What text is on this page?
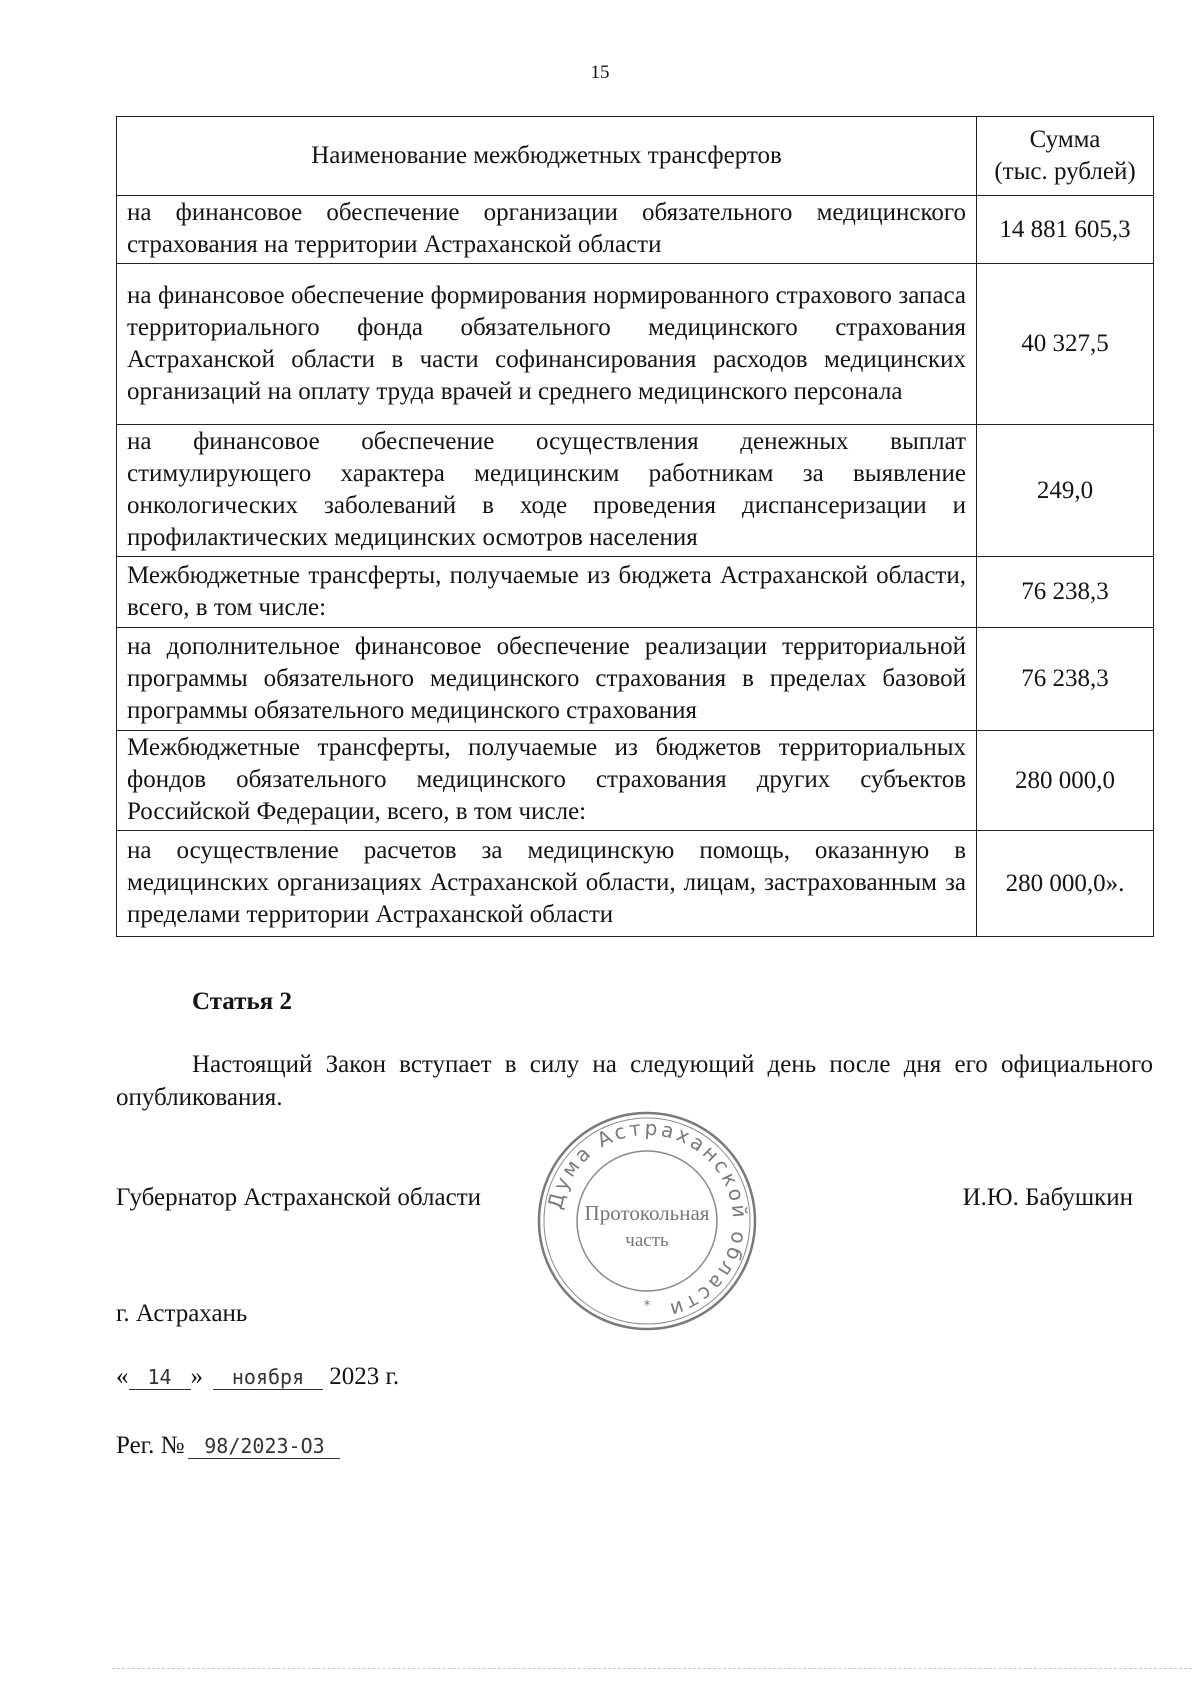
15
Наименование межбюджетных трансфертов	Сумма
(тыс. рублей)
на финансовое обеспечение организации обязательного медицинского страхования на территории Астраханской области	14 881 605,3
на финансовое обеспечение формирования нормированного страхового запаса территориального фонда обязательного медицинского страхования Астраханской области в части софинансирования расходов медицинских организаций на оплату труда врачей и среднего медицинского персонала	40 327,5
на финансовое обеспечение осуществления денежных выплат стимулирующего характера медицинским работникам за выявление онкологических заболеваний в ходе проведения диспансеризации и профилактических медицинских осмотров населения	249,0
Межбюджетные трансферты, получаемые из бюджета Астраханской области, всего, в том числе:	76 238,3
на дополнительное финансовое обеспечение реализации территориальной программы обязательного медицинского страхования в пределах базовой программы обязательного медицинского страхования	76 238,3
Межбюджетные трансферты, получаемые из бюджетов территориальных фондов обязательного медицинского страхования других субъектов Российской Федерации, всего, в том числе:	280 000,0
на осуществление расчетов за медицинскую помощь, оказанную в медицинских организациях Астраханской области, лицам, застрахованным за пределами территории Астраханской области	280 000,0».
Статья 2
Настоящий Закон вступает в силу на следующий день после дня его официального опубликования.
Губернатор Астраханской области	И.Ю. Бабушкин
Дума Астраханской области
Протокольная
часть
*
г. Астрахань
« 14 » ноября 2023 г.
Рег. № 98/2023-ОЗ
